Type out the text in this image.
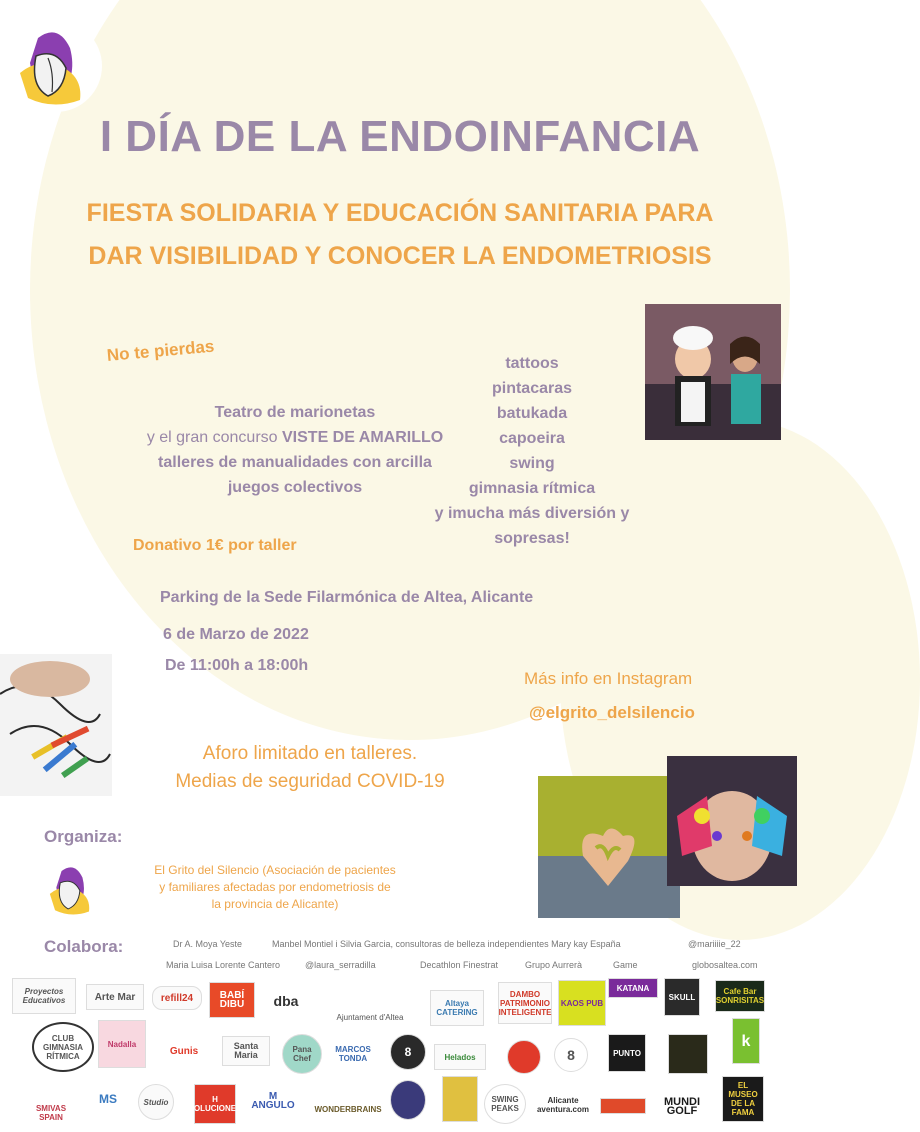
I DÍA DE LA ENDOINFANCIA
FIESTA SOLIDARIA Y EDUCACIÓN SANITARIA PARA
DAR VISIBILIDAD Y CONOCER LA ENDOMETRIOSIS
No te pierdas
Teatro de marionetas
y el gran concurso VISTE DE AMARILLO
talleres de manualidades con arcilla
juegos colectivos
tattoos
pintacaras
batukada
capoeira
swing
gimnasia rítmica
y imucha más diversión y
sopresas!
Donativo 1€ por taller
Parking de la Sede Filarmónica de Altea, Alicante
6 de Marzo de 2022
De 11:00h a 18:00h
Más info en Instagram
@elgrito_delsilencio
Aforo limitado en talleres.
Medias de seguridad COVID-19
Organiza:
El Grito del Silencio (Asociación de pacientes
y familiares afectadas por endometriosis de
la provincia de Alicante)
Colabora:	Dr A. Moya Yeste	Manbel Montiel i Silvia Garcia, consultoras de belleza independientes Mary kay España	@mariiiie_22
Maria Luisa Lorente Cantero	@laura_serradilla	Decathlon Finestrat	Grupo Aurrerà	Game	globosaltea.com
Proyectos Educativos	Arte Mar	refill24	BABÍ DIBU	dba
Ajuntament d'Altea
Altaya CATERING
DAMBO PATRIMONIO INTELIGENTE
KAOS PUB
KATANA
SKULL
Cafe Bar SONRISITAS
CLUB GIMNASIA RÍTMICA
Nadalla
Gunis	Santa Maria
Pana Chef
MARCOS TONDA	8	Helados	8	PUNTO
k
SMIVAS SPAIN
MS	Studio	H SOLUCIONES
M ANGULO	WONDERBRAINS
SWING PEAKS
Alicante aventura.com
MUNDI GOLF
EL MUSEO DE LA FAMA
